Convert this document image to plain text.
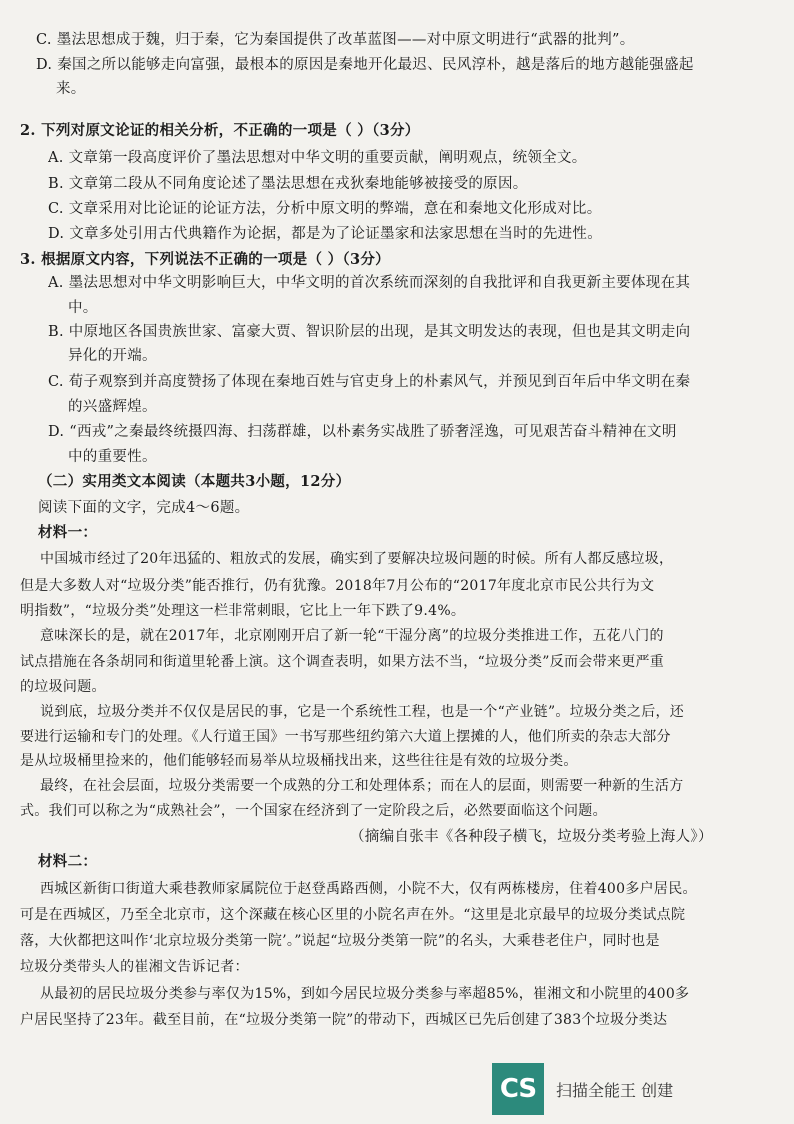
C. 墨法思想成于魏，归于秦，它为秦国提供了改革蓝图——对中原文明进行“武器的批判”。
D. 秦国之所以能够走向富强，最根本的原因是秦地开化最迟、民风淳朴，越是落后的地方越能强盛起
来。
2. 下列对原文论证的相关分析，不正确的一项是（ ）（3分）
A. 文章第一段高度评价了墨法思想对中华文明的重要贡献，阐明观点，统领全文。
B. 文章第二段从不同角度论述了墨法思想在戎狄秦地能够被接受的原因。
C. 文章采用对比论证的论证方法，分析中原文明的弊端，意在和秦地文化形成对比。
D. 文章多处引用古代典籍作为论据，都是为了论证墨家和法家思想在当时的先进性。
3. 根据原文内容，下列说法不正确的一项是（ ）（3分）
A. 墨法思想对中华文明影响巨大，中华文明的首次系统而深刻的自我批评和自我更新主要体现在其
中。
B. 中原地区各国贵族世家、富豪大贾、智识阶层的出现，是其文明发达的表现，但也是其文明走向
异化的开端。
C. 荀子观察到并高度赞扬了体现在秦地百姓与官吏身上的朴素风气，并预见到百年后中华文明在秦
的兴盛辉煌。
D. “西戎”之秦最终统摄四海、扫荡群雄，以朴素务实战胜了骄奢淫逸，可见艰苦奋斗精神在文明
中的重要性。
（二）实用类文本阅读（本题共3小题，12分）
阅读下面的文字，完成4～6题。
材料一：
中国城市经过了20年迅猛的、粗放式的发展，确实到了要解决垃圾问题的时候。所有人都反感垃圾，
但是大多数人对“垃圾分类”能否推行，仍有犹豫。2018年7月公布的“2017年度北京市民公共行为文
明指数”，“垃圾分类”处理这一栏非常刺眼，它比上一年下跌了9.4%。
意味深长的是，就在2017年，北京刚刚开启了新一轮“干湿分离”的垃圾分类推进工作，五花八门的
试点措施在各条胡同和街道里轮番上演。这个调查表明，如果方法不当，“垃圾分类”反而会带来更严重
的垃圾问题。
说到底，垃圾分类并不仅仅是居民的事，它是一个系统性工程，也是一个“产业链”。垃圾分类之后，还
要进行运输和专门的处理。《人行道王国》一书写那些纽约第六大道上摆摊的人，他们所卖的杂志大部分
是从垃圾桶里捡来的，他们能够轻而易举从垃圾桶找出来，这些往往是有效的垃圾分类。
最终，在社会层面，垃圾分类需要一个成熟的分工和处理体系；而在人的层面，则需要一种新的生活方
式。我们可以称之为“成熟社会”，一个国家在经济到了一定阶段之后，必然要面临这个问题。
（摘编自张丰《各种段子横飞，垃圾分类考验上海人》）
材料二：
西城区新街口街道大乘巷教师家属院位于赵登禹路西侧，小院不大，仅有两栋楼房，住着400多户居民。
可是在西城区，乃至全北京市，这个深藏在核心区里的小院名声在外。“这里是北京最早的垃圾分类试点院
落，大伙都把这叫作‘北京垃圾分类第一院’。”说起“垃圾分类第一院”的名头，大乘巷老住户，同时也是
垃圾分类带头人的崔湘文告诉记者：
从最初的居民垃圾分类参与率仅为15%，到如今居民垃圾分类参与率超85%，崔湘文和小院里的400多
户居民坚持了23年。截至目前，在“垃圾分类第一院”的带动下，西城区已先后创建了383个垃圾分类达
CS	扫描全能王 创建
